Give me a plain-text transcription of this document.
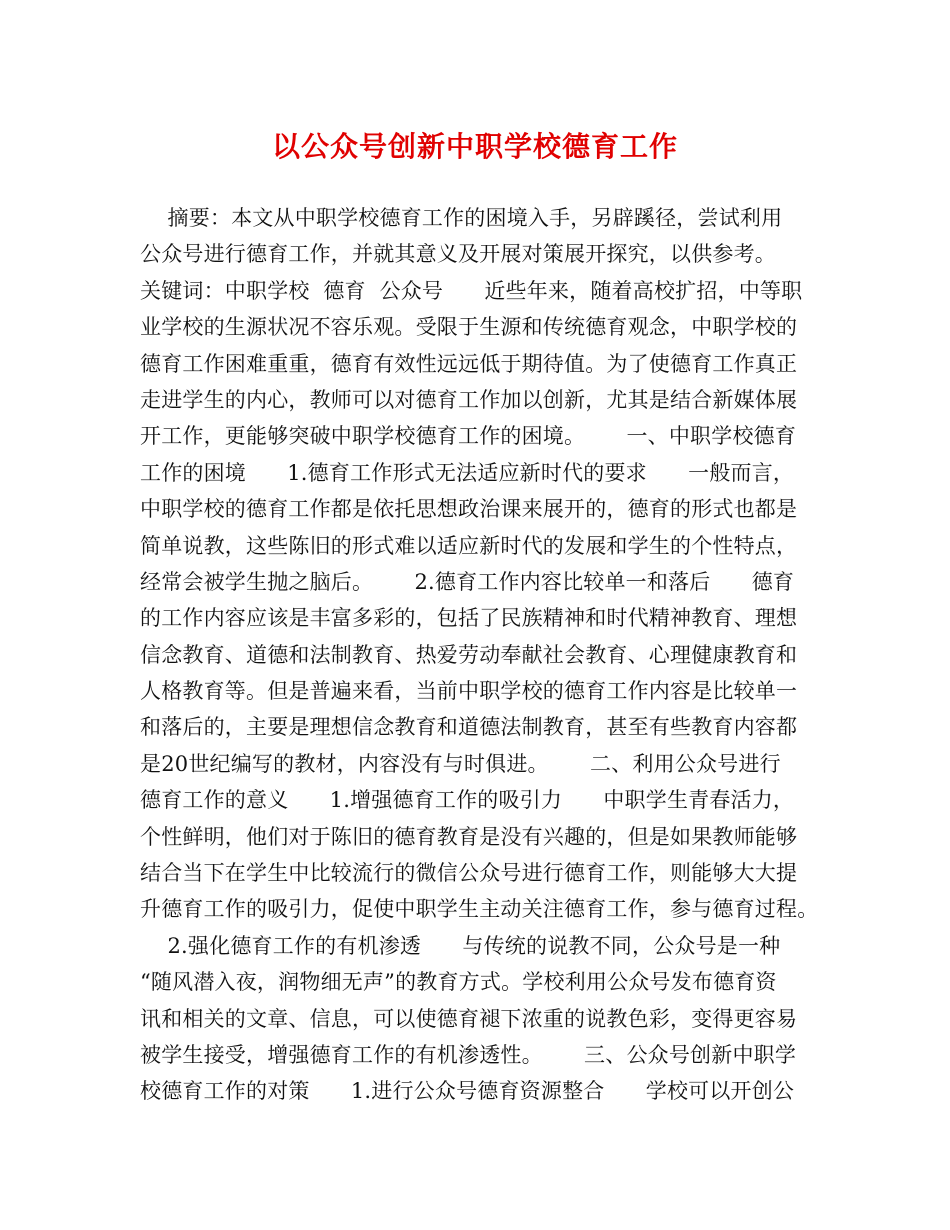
以公众号创新中职学校德育工作
摘要：本文从中职学校德育工作的困境入手，另辟蹊径，尝试利用
公众号进行德育工作，并就其意义及开展对策展开探究，以供参考。
关键词：中职学校  德育  公众号      近些年来，随着高校扩招，中等职
业学校的生源状况不容乐观。受限于生源和传统德育观念，中职学校的
德育工作困难重重，德育有效性远远低于期待值。为了使德育工作真正
走进学生的内心，教师可以对德育工作加以创新，尤其是结合新媒体展
开工作，更能够突破中职学校德育工作的困境。      一、中职学校德育
工作的困境      1.德育工作形式无法适应新时代的要求      一般而言，
中职学校的德育工作都是依托思想政治课来展开的，德育的形式也都是
简单说教，这些陈旧的形式难以适应新时代的发展和学生的个性特点，
经常会被学生抛之脑后。      2.德育工作内容比较单一和落后      德育
的工作内容应该是丰富多彩的，包括了民族精神和时代精神教育、理想
信念教育、道德和法制教育、热爱劳动奉献社会教育、心理健康教育和
人格教育等。但是普遍来看，当前中职学校的德育工作内容是比较单一
和落后的，主要是理想信念教育和道德法制教育，甚至有些教育内容都
是20世纪编写的教材，内容没有与时俱进。      二、利用公众号进行
德育工作的意义      1.增强德育工作的吸引力      中职学生青春活力，
个性鲜明，他们对于陈旧的德育教育是没有兴趣的，但是如果教师能够
结合当下在学生中比较流行的微信公众号进行德育工作，则能够大大提
升德育工作的吸引力，促使中职学生主动关注德育工作，参与德育过程。
2.强化德育工作的有机渗透      与传统的说教不同，公众号是一种
“随风潜入夜，润物细无声”的教育方式。学校利用公众号发布德育资
讯和相关的文章、信息，可以使德育褪下浓重的说教色彩，变得更容易
被学生接受，增强德育工作的有机渗透性。      三、公众号创新中职学
校德育工作的对策      1.进行公众号德育资源整合      学校可以开创公
